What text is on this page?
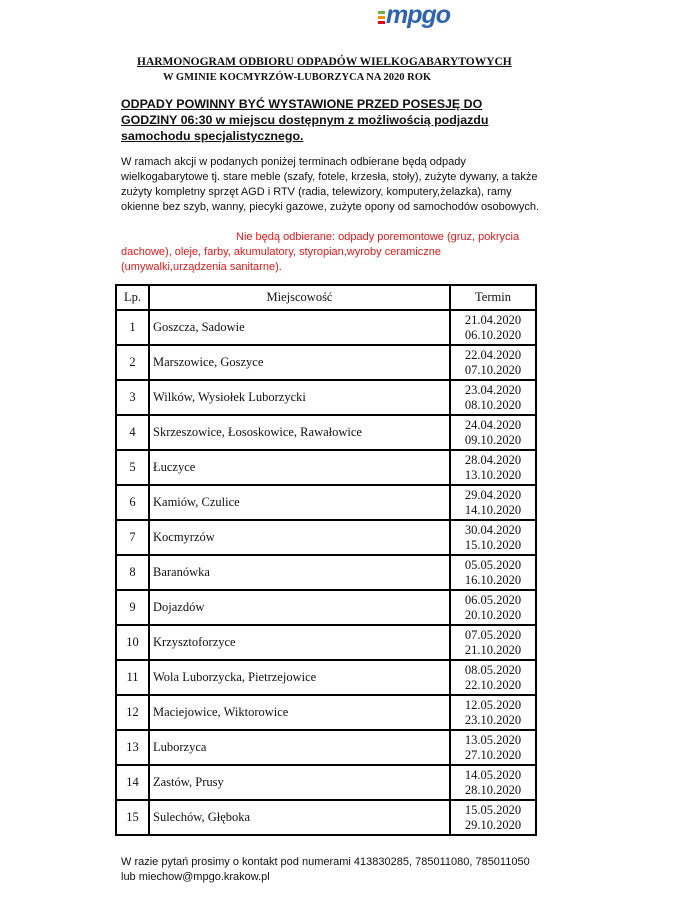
mpgo
HARMONOGRAM ODBIORU ODPADÓW WIELKOGABARYTOWYCH
W GMINIE KOCMYRZÓW-LUBORZYCA NA 2020 ROK
ODPADY POWINNY BYĆ WYSTAWIONE PRZED POSESJĘ DO GODZINY 06:30 w miejscu dostępnym z możliwością podjazdu samochodu specjalistycznego.
W ramach akcji w podanych poniżej terminach odbierane będą odpady wielkogabarytowe tj. stare meble (szafy, fotele, krzesła, stoły), zużyte dywany, a także zużyty kompletny sprzęt AGD i RTV (radia, telewizory, komputery,żelazka), ramy okienne bez szyb, wanny, piecyki gazowe, zużyte opony od samochodów osobowych.
Nie będą odbierane: odpady poremontowe (gruz, pokrycia dachowe), oleje, farby, akumulatory, styropian,wyroby ceramiczne (umywalki,urządzenia sanitarne).
Lp.	Miejscowość	Termin
1	Goszcza, Sadowie	21.04.2020
06.10.2020

2	Marszowice, Goszyce	22.04.2020
07.10.2020

3	Wilków, Wysiołek Luborzycki	23.04.2020
08.10.2020

4	Skrzeszowice, Łososkowice, Rawałowice	24.04.2020
09.10.2020

5	Łuczyce	28.04.2020
13.10.2020

6	Kamiów, Czulice	29.04.2020
14.10.2020

7	Kocmyrzów	30.04.2020
15.10.2020

8	Baranówka	05.05.2020
16.10.2020

9	Dojazdów	06.05.2020
20.10.2020

10	Krzysztoforzyce	07.05.2020
21.10.2020

11	Wola Luborzycka, Pietrzejowice	08.05.2020
22.10.2020

12	Maciejowice, Wiktorowice	12.05.2020
23.10.2020

13	Luborzyca	13.05.2020
27.10.2020

14	Zastów, Prusy	14.05.2020
28.10.2020

15	Sulechów, Głęboka	15.05.2020
29.10.2020
W razie pytań prosimy o kontakt pod numerami 413830285, 785011080, 785011050 lub miechow@mpgo.krakow.pl
